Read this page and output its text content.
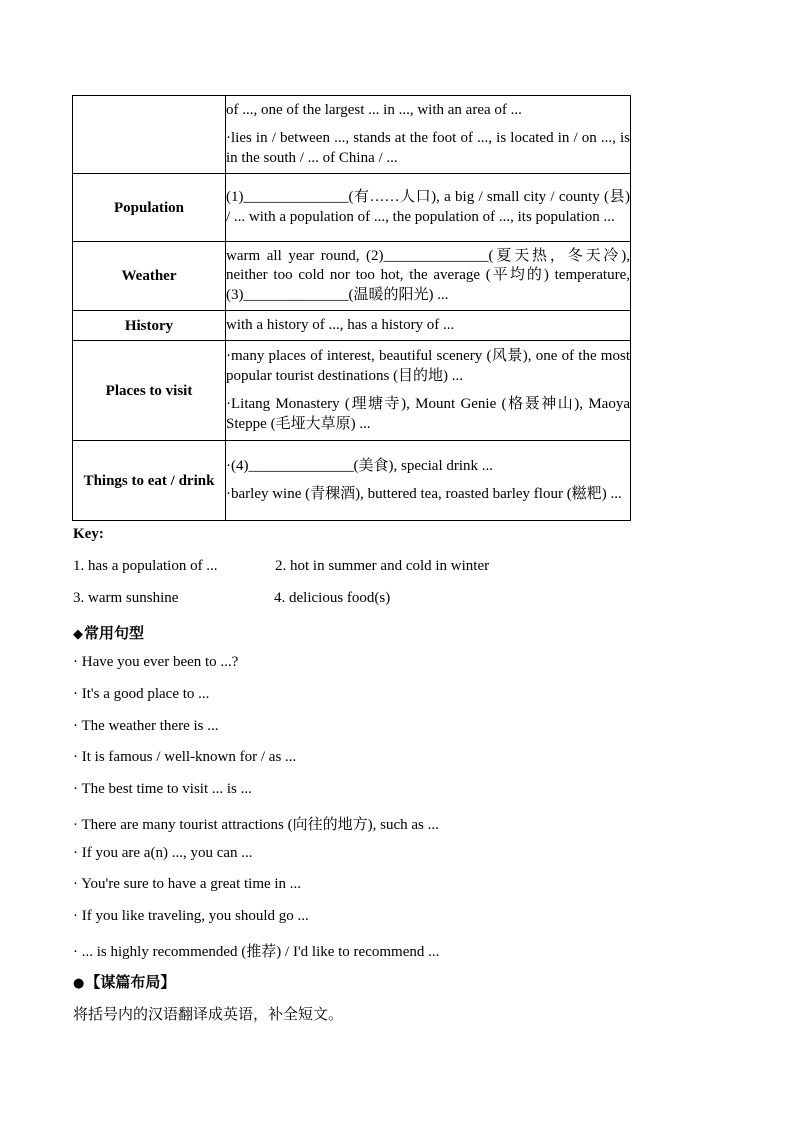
	of ..., one of the largest ... in ..., with an area of ...

·lies in / between ..., stands at the foot of ..., is located in / on ..., is in the south / ... of China / ...

Population	(1)______________(有……人口), a big / small city / county (县) / ... with a population of ..., the population of ..., its population ...

Weather	warm all year round, (2)______________(夏天热，冬天冷), neither too cold nor too hot, the average (平均的) temperature, (3)______________(温暖的阳光) ...

History	with a history of ..., has a history of ...

Places to visit	·many places of interest, beautiful scenery (风景), one of the most popular tourist destinations (目的地) ...

·Litang Monastery (理塘寺), Mount Genie (格聂神山), Maoya Steppe (毛垭大草原) ...

Things to eat / drink	·(4)______________(美食), special drink ...

·barley wine (青稞酒), buttered tea, roasted barley flour (糍粑) ...

Key:
1. has a population of ...	2. hot in summer and cold in winter
3. warm sunshine	4. delicious food(s)
◆常用句型
· Have you ever been to ...?
· It's a good place to ...
· The weather there is ...
· It is famous / well-known for / as ...
· The best time to visit ... is ...
· There are many tourist attractions (向往的地方), such as ...
· If you are a(n) ..., you can ...
· You're sure to have a great time in ...
· If you like traveling, you should go ...
· ... is highly recommended (推荐) / I'd like to recommend ...
●【谋篇布局】
将括号内的汉语翻译成英语，补全短文。
